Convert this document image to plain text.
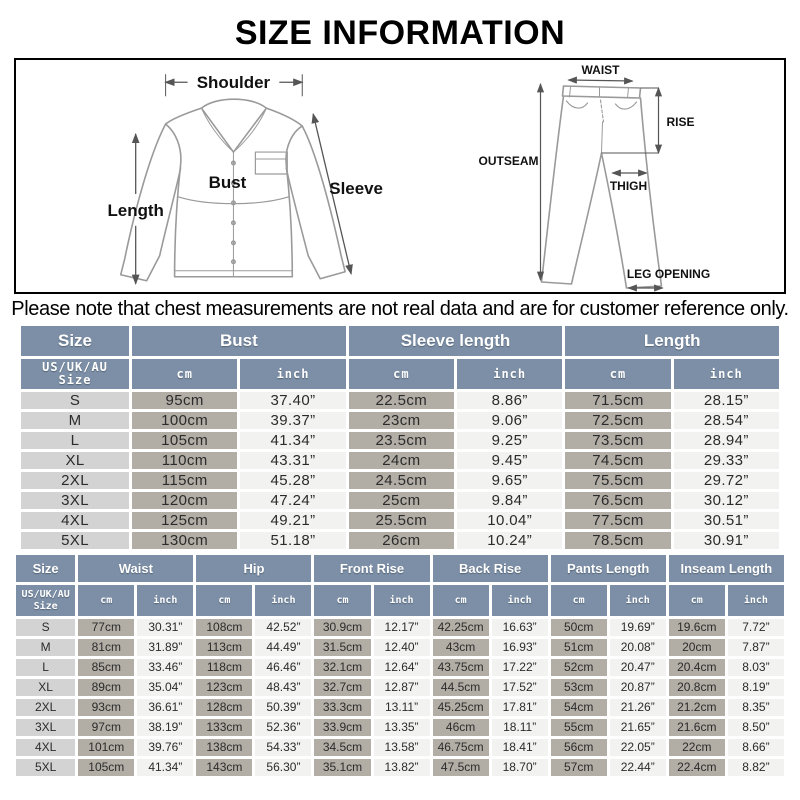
SIZE INFORMATION
Shoulder
Length
Bust	Sleeve
WAIST
RISE
OUTSEAM
THIGH
LEG OPENING
Please note that chest measurements are not real data and are for customer reference only.
Size	Bust		Sleeve length		Length	

US/UK/AU
Size	cm	inch	cm	inch	cm	inch
S	95cm	37.40”	22.5cm	8.86”	71.5cm	28.15”
M	100cm	39.37”	23cm	9.06”	72.5cm	28.54”
L	105cm	41.34”	23.5cm	9.25”	73.5cm	28.94”
XL	110cm	43.31”	24cm	9.45”	74.5cm	29.33”
2XL	115cm	45.28”	24.5cm	9.65”	75.5cm	29.72”
3XL	120cm	47.24”	25cm	9.84”	76.5cm	30.12”
4XL	125cm	49.21”	25.5cm	10.04”	77.5cm	30.51”
5XL	130cm	51.18”	26cm	10.24”	78.5cm	30.91”
Size	Waist		Hip		Front Rise		Back Rise		Pants Length		Inseam Length	

US/UK/AU
Size	cm	inch	cm	inch	cm	inch	cm	inch	cm	inch	cm	inch
S	77cm	30.31”	108cm	42.52”	30.9cm	12.17”	42.25cm	16.63”	50cm	19.69”	19.6cm	7.72”
M	81cm	31.89”	113cm	44.49”	31.5cm	12.40”	43cm	16.93”	51cm	20.08”	20cm	7.87”
L	85cm	33.46”	118cm	46.46”	32.1cm	12.64”	43.75cm	17.22”	52cm	20.47”	20.4cm	8.03”
XL	89cm	35.04”	123cm	48.43”	32.7cm	12.87”	44.5cm	17.52”	53cm	20.87”	20.8cm	8.19”
2XL	93cm	36.61”	128cm	50.39”	33.3cm	13.11”	45.25cm	17.81”	54cm	21.26”	21.2cm	8.35”
3XL	97cm	38.19”	133cm	52.36”	33.9cm	13.35”	46cm	18.11”	55cm	21.65”	21.6cm	8.50”
4XL	101cm	39.76”	138cm	54.33”	34.5cm	13.58”	46.75cm	18.41”	56cm	22.05”	22cm	8.66”
5XL	105cm	41.34”	143cm	56.30”	35.1cm	13.82”	47.5cm	18.70”	57cm	22.44”	22.4cm	8.82”
